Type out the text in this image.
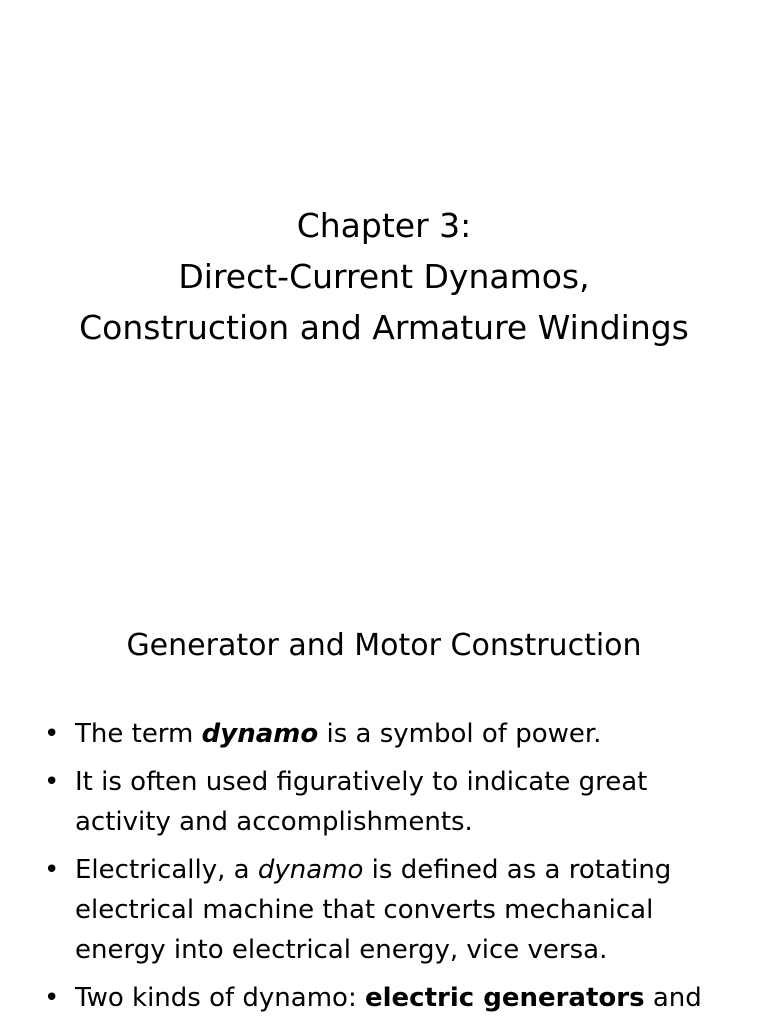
Chapter 3:
Direct-Current Dynamos,
Construction and Armature Windings
Generator and Motor Construction
• The term dynamo is a symbol of power.
• It is often used figuratively to indicate great activity and accomplishments.
• Electrically, a dynamo is defined as a rotating electrical machine that converts mechanical energy into electrical energy, vice versa.
• Two kinds of dynamo: electric generators and
